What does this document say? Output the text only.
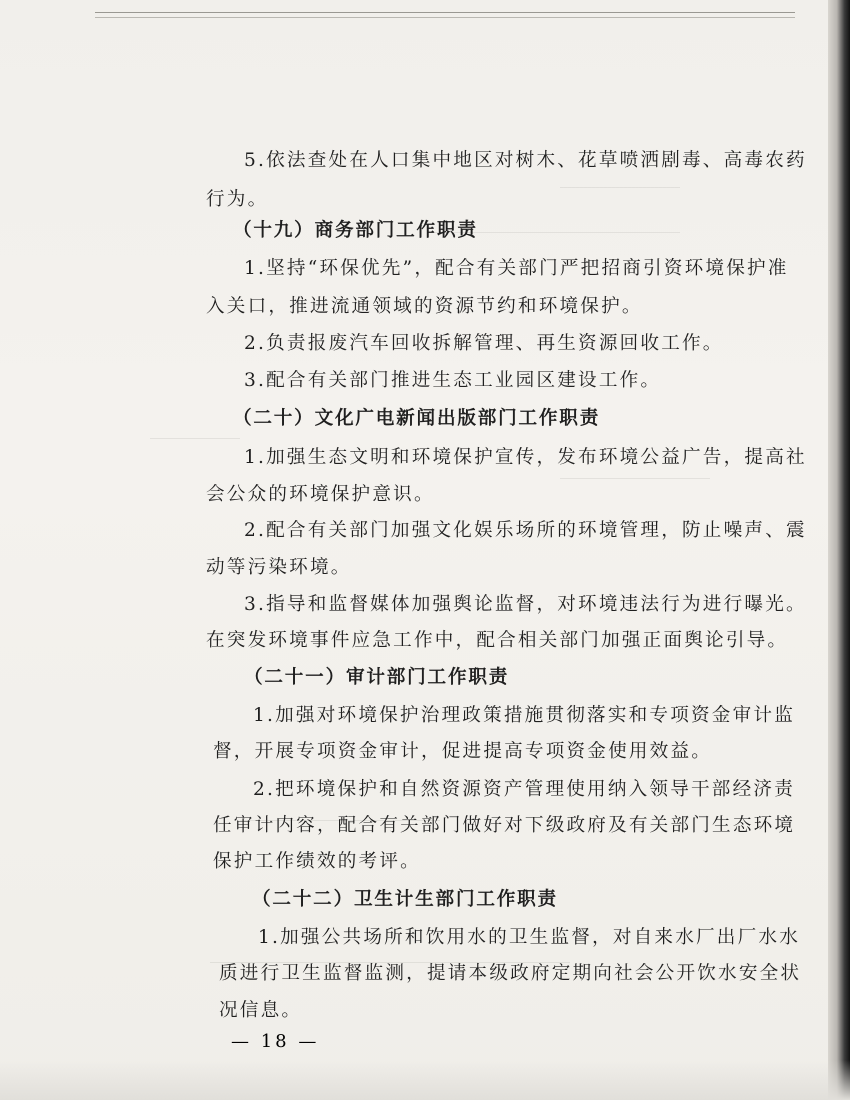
5.依法查处在人口集中地区对树木、花草喷洒剧毒、高毒农药
行为。
（十九）商务部门工作职责
1.坚持“环保优先”，配合有关部门严把招商引资环境保护准
入关口，推进流通领域的资源节约和环境保护。
2.负责报废汽车回收拆解管理、再生资源回收工作。
3.配合有关部门推进生态工业园区建设工作。
（二十）文化广电新闻出版部门工作职责
1.加强生态文明和环境保护宣传，发布环境公益广告，提高社
会公众的环境保护意识。
2.配合有关部门加强文化娱乐场所的环境管理，防止噪声、震
动等污染环境。
3.指导和监督媒体加强舆论监督，对环境违法行为进行曝光。
在突发环境事件应急工作中，配合相关部门加强正面舆论引导。
（二十一）审计部门工作职责
1.加强对环境保护治理政策措施贯彻落实和专项资金审计监
督，开展专项资金审计，促进提高专项资金使用效益。
2.把环境保护和自然资源资产管理使用纳入领导干部经济责
任审计内容，配合有关部门做好对下级政府及有关部门生态环境
保护工作绩效的考评。
（二十二）卫生计生部门工作职责
1.加强公共场所和饮用水的卫生监督，对自来水厂出厂水水
质进行卫生监督监测，提请本级政府定期向社会公开饮水安全状
况信息。
— 18 —
